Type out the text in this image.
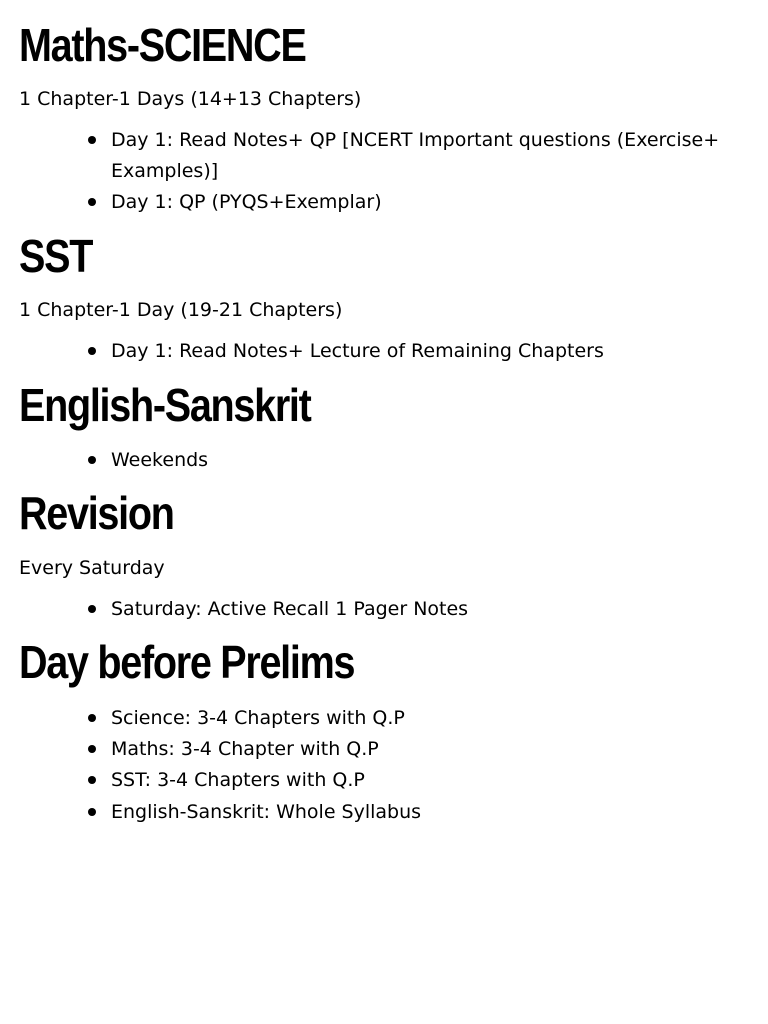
Maths-SCIENCE

1 Chapter-1 Days (14+13 Chapters)

Day 1: Read Notes+ QP [NCERT Important questions (Exercise+ Examples)]

Day 1: QP (PYQS+Exemplar)

SST

1 Chapter-1 Day (19-21 Chapters)

Day 1: Read Notes+ Lecture of Remaining Chapters

English-Sanskrit

Weekends

Revision

Every Saturday

Saturday: Active Recall 1 Pager Notes

Day before Prelims

Science: 3-4 Chapters with Q.P

Maths: 3-4 Chapter with Q.P

SST: 3-4 Chapters with Q.P

English-Sanskrit: Whole Syllabus
